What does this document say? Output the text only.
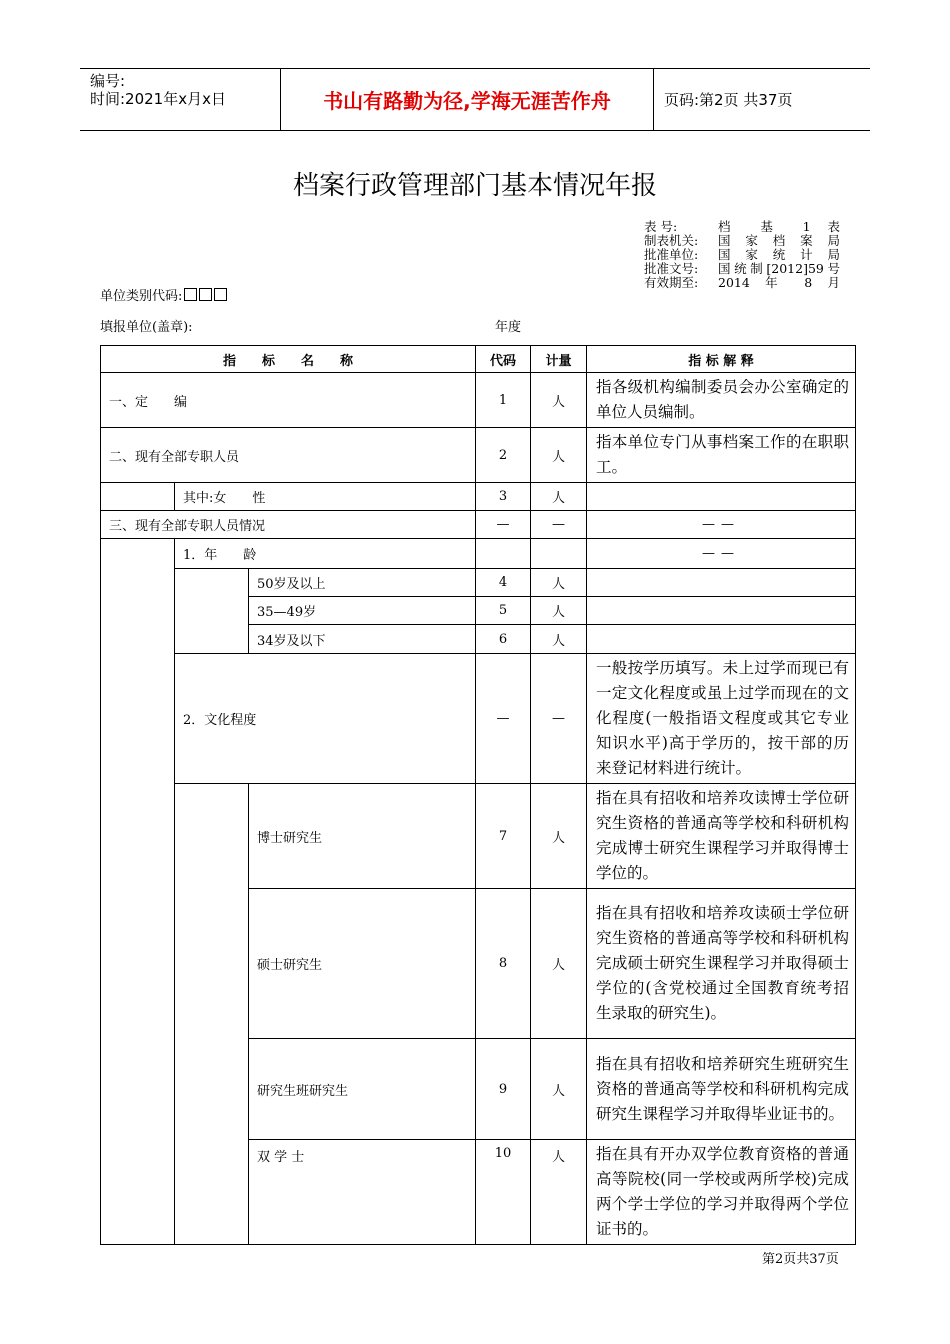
编号:
时间:2021年x月x日	书山有路勤为径,学海无涯苦作舟	页码:第2页 共37页
档案行政管理部门基本情况年报
表 号:	档 基 1 表
制表机关:	国 家 档 案 局
批准单位:	国 家 统 计 局
批准文号:	国统制[2012]59号
有效期至:	2014 年 8 月
单位类别代码:
填报单位(盖章):	年度
指　　标　　名　　称			代码	计量	指 标 解 释
一、定　　编			1	人	指各级机构编制委员会办公室确定的单位人员编制。
二、现有全部专职人员			2	人	指本单位专门从事档案工作的在职职工。
	其中:女　　性		3	人	
三、现有全部专职人员情况			—	—	——
	1．年　　龄				——
		50岁及以上	4	人	
		35—49岁	5	人	
		34岁及以下	6	人	
	2．文化程度		—	—	一般按学历填写。未上过学而现已有一定文化程度或虽上过学而现在的文化程度(一般指语文程度或其它专业知识水平)高于学历的，按干部的历来登记材料进行统计。
		博士研究生	7	人	指在具有招收和培养攻读博士学位研究生资格的普通高等学校和科研机构完成博士研究生课程学习并取得博士学位的。
		硕士研究生	8	人	指在具有招收和培养攻读硕士学位研究生资格的普通高等学校和科研机构完成硕士研究生课程学习并取得硕士学位的(含党校通过全国教育统考招生录取的研究生)。
		研究生班研究生	9	人	指在具有招收和培养研究生班研究生资格的普通高等学校和科研机构完成研究生课程学习并取得毕业证书的。
		双 学 士	10	人	指在具有开办双学位教育资格的普通高等院校(同一学校或两所学校)完成两个学士学位的学习并取得两个学位证书的。
第2页共37页
